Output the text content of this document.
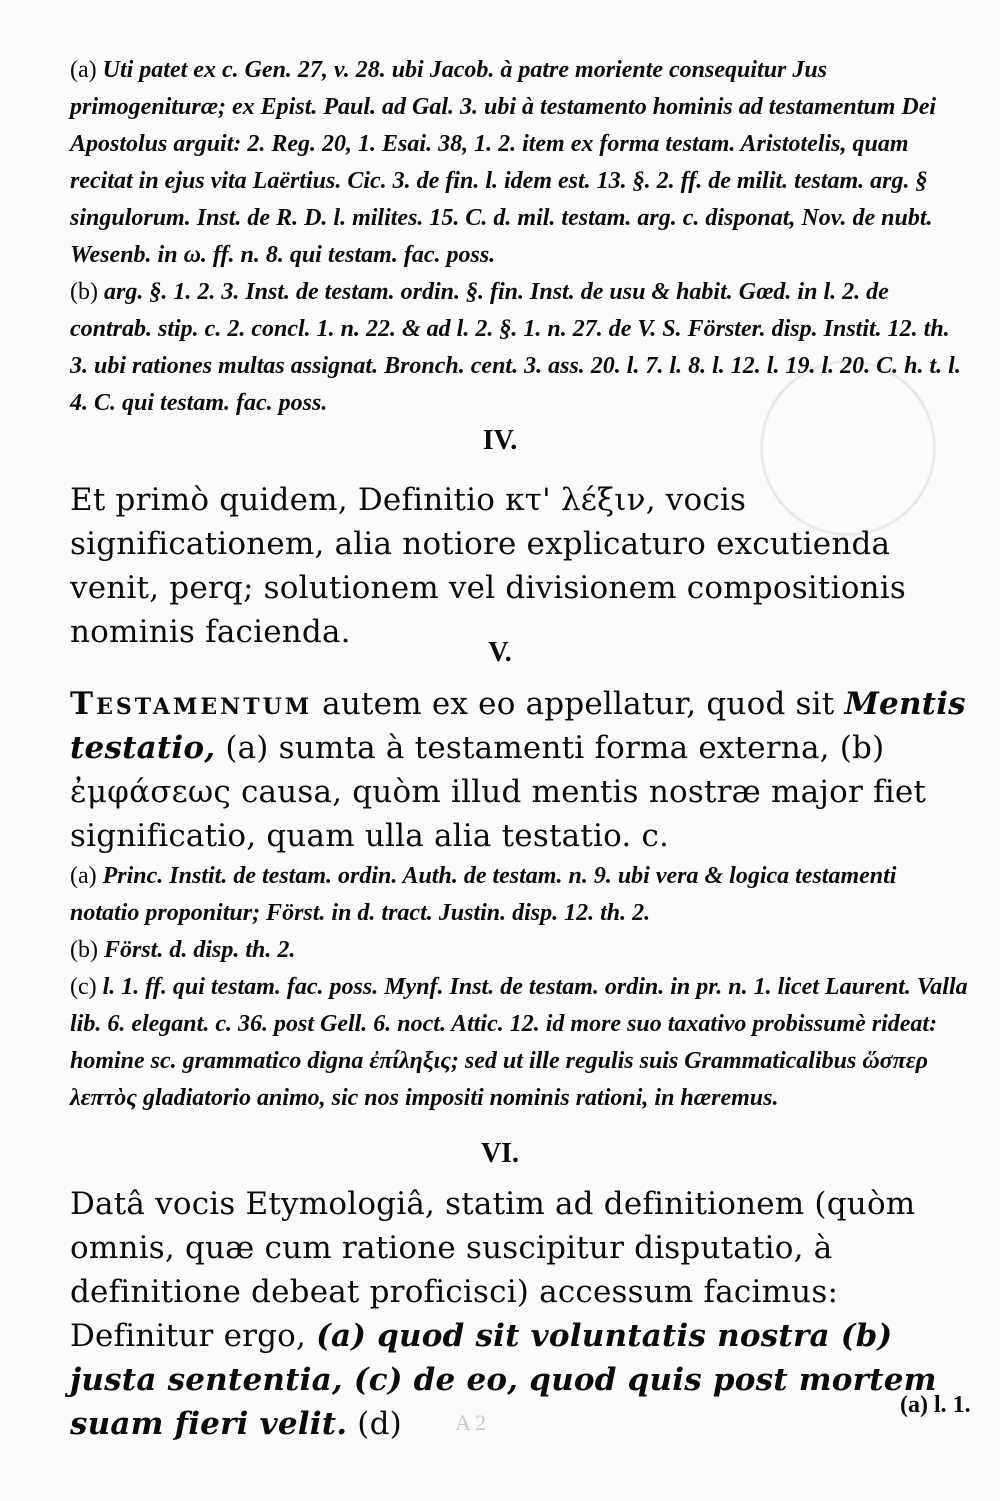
(a) Uti patet ex c. Gen. 27, v. 28. ubi Jacob. à patre moriente consequitur Jus primogenituræ; ex Epist. Paul. ad Gal. 3. ubi à testamento hominis ad testamentum Dei Apostolus arguit: 2. Reg. 20, 1. Esai. 38, 1. 2. item ex forma testam. Aristotelis, quam recitat in ejus vita Laërtius. Cic. 3. de fin. l. idem est. 13. §. 2. ff. de milit. testam. arg. § singulorum. Inst. de R. D. l. milites. 15. C. d. mil. testam. arg. c. disponat, Nov. de nubt. Wesenb. in ω. ff. n. 8. qui testam. fac. poss.

(b) arg. §. 1. 2. 3. Inst. de testam. ordin. §. fin. Inst. de usu & habit. Gœd. in l. 2. de contrab. stip. c. 2. concl. 1. n. 22. & ad l. 2. §. 1. n. 27. de V. S. Förster. disp. Instit. 12. th. 3. ubi rationes multas assignat. Bronch. cent. 3. ass. 20. l. 7. l. 8. l. 12. l. 19. l. 20. C. h. t. l. 4. C. qui testam. fac. poss.

IV.

Et primò quidem, Definitio κτ' λέξιν, vocis significationem, alia notiore explicaturo excutienda venit, perq; solutionem vel divisionem compositionis nominis facienda.

V.

Testamentum autem ex eo appellatur, quod sit Mentis testatio, (a) sumta à testamenti forma externa, (b) ἐμφάσεως causa, quòm illud mentis nostræ major fiet significatio, quam ulla alia testatio. c.

(a) Princ. Instit. de testam. ordin. Auth. de testam. n. 9. ubi vera & logica testamenti notatio proponitur; Först. in d. tract. Justin. disp. 12. th. 2.

(b) Först. d. disp. th. 2.

(c) l. 1. ff. qui testam. fac. poss. Mynf. Inst. de testam. ordin. in pr. n. 1. licet Laurent. Valla lib. 6. elegant. c. 36. post Gell. 6. noct. Attic. 12. id more suo taxativo probissumè rideat: homine sc. grammatico digna ἐπίληξις; sed ut ille regulis suis Grammaticalibus ὥσπερ λεπτὸς gladiatorio animo, sic nos impositi nominis rationi, in hæremus.

VI.

Datâ vocis Etymologiâ, statim ad definitionem (quòm omnis, quæ cum ratione suscipitur disputatio, à definitione debeat proficisci) accessum facimus: Definitur ergo, (a) quod sit voluntatis nostra (b) justa sententia, (c) de eo, quod quis post mortem suam fieri velit. (d)

(a) l. 1.
A 2
